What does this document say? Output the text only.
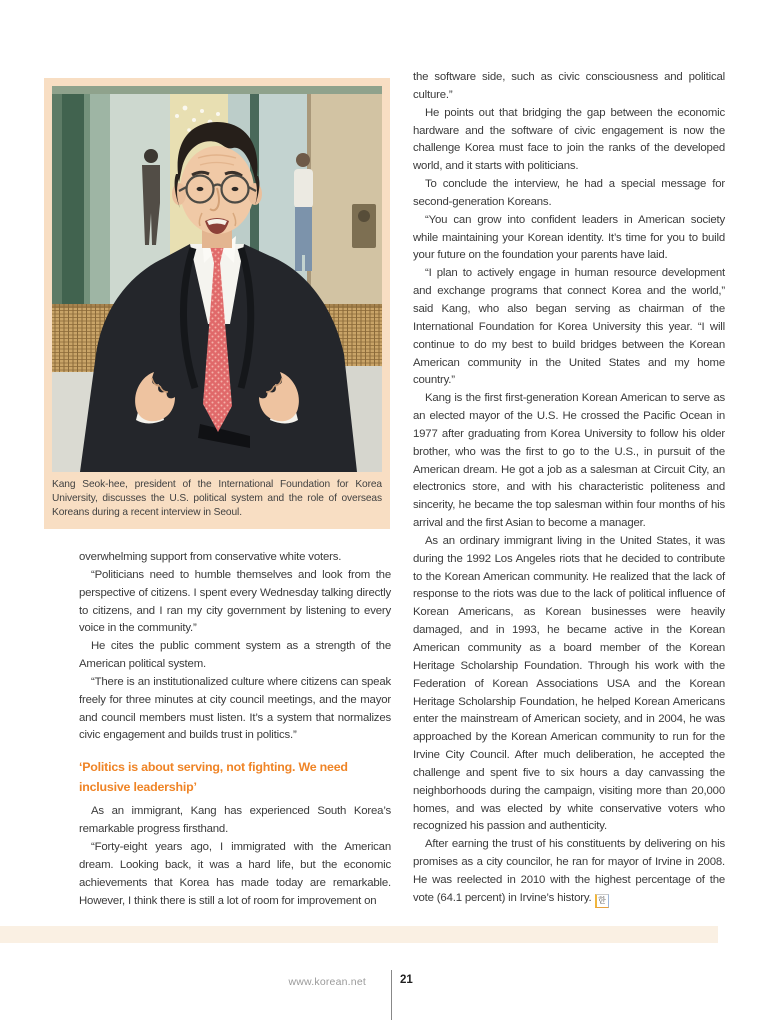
Kang Seok-hee, president of the International Foundation for Korea University, discusses the U.S. political system and the role of overseas Koreans during a recent interview in Seoul.

overwhelming support from conservative white voters.

“Politicians need to humble themselves and look from the perspective of citizens. I spent every Wednesday talking directly to citizens, and I ran my city government by listening to every voice in the community.”

He cites the public comment system as a strength of the American political system.

“There is an institutionalized culture where citizens can speak freely for three minutes at city council meetings, and the mayor and council members must listen. It’s a system that normalizes civic engagement and builds trust in politics.”

‘Politics is about serving, not fighting. We need inclusive leadership’

As an immigrant, Kang has experienced South Korea’s remarkable progress firsthand.

“Forty-eight years ago, I immigrated with the American dream. Looking back, it was a hard life, but the economic achievements that Korea has made today are remarkable. However, I think there is still a lot of room for improvement on

the software side, such as civic consciousness and political culture.”

He points out that bridging the gap between the economic hardware and the software of civic engagement is now the challenge Korea must face to join the ranks of the developed world, and it starts with politicians.

To conclude the interview, he had a special message for second-generation Koreans.

“You can grow into confident leaders in American society while maintaining your Korean identity. It’s time for you to build your future on the foundation your parents have laid.

“I plan to actively engage in human resource development and exchange programs that connect Korea and the world,” said Kang, who also began serving as chairman of the International Foundation for Korea University this year. “I will continue to do my best to build bridges between the Korean American community in the United States and my home country.”

Kang is the first first-generation Korean American to serve as an elected mayor of the U.S. He crossed the Pacific Ocean in 1977 after graduating from Korea University to follow his older brother, who was the first to go to the U.S., in pursuit of the American dream. He got a job as a salesman at Circuit City, an electronics store, and with his characteristic politeness and sincerity, he became the top salesman within four months of his arrival and the first Asian to become a manager.

As an ordinary immigrant living in the United States, it was during the 1992 Los Angeles riots that he decided to contribute to the Korean American community. He realized that the lack of response to the riots was due to the lack of political influence of Korean Americans, as Korean businesses were heavily damaged, and in 1993, he became active in the Korean American community as a board member of the Korean Heritage Scholarship Foundation. Through his work with the Federation of Korean Associations USA and the Korean Heritage Scholarship Foundation, he helped Korean Americans enter the mainstream of American society, and in 2004, he was approached by the Korean American community to run for the Irvine City Council. After much deliberation, he accepted the challenge and spent five to six hours a day canvassing the neighborhoods during the campaign, visiting more than 20,000 homes, and was elected by white conservative voters who recognized his passion and authenticity.

After earning the trust of his constituents by delivering on his promises as a city councilor, he ran for mayor of Irvine in 2008. He was reelected in 2010 with the highest percentage of the vote (64.1 percent) in Irvine’s history. 한

www.korean.net	21
